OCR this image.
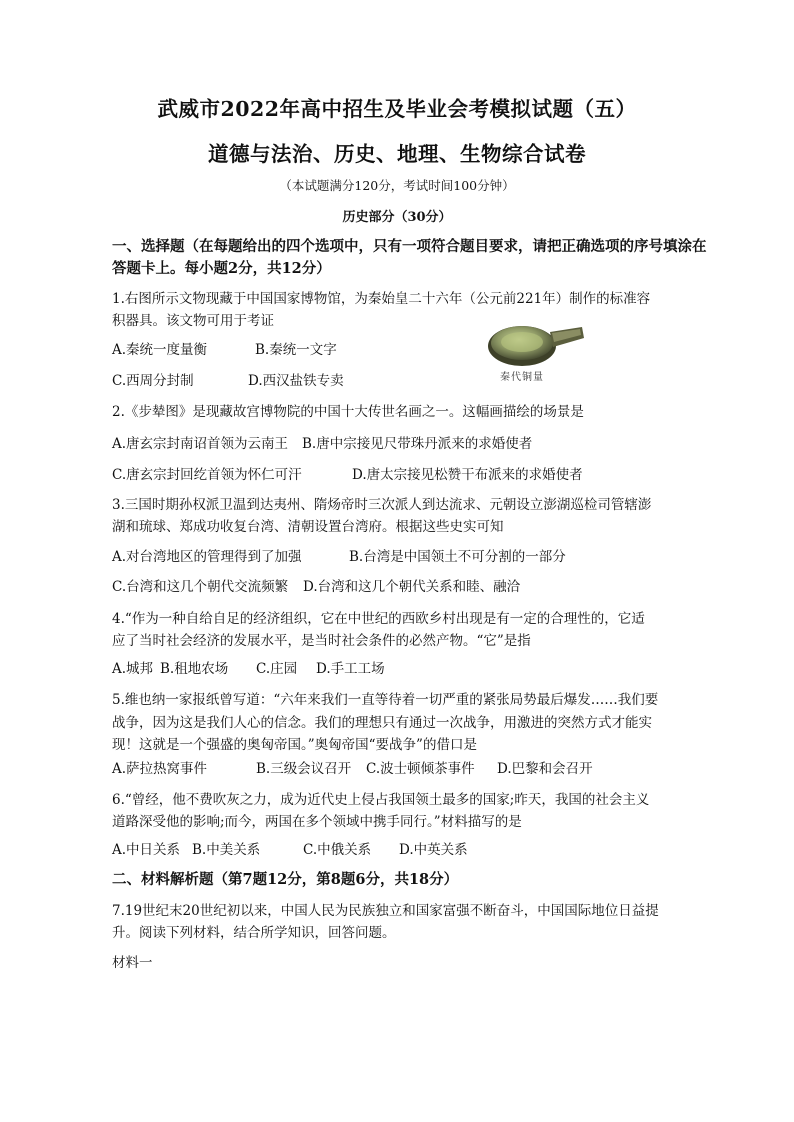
武威市2022年高中招生及毕业会考模拟试题（五）
道德与法治、历史、地理、生物综合试卷
（本试题满分120分，考试时间100分钟）
历史部分（30分）
一、选择题（在每题给出的四个选项中，只有一项符合题目要求，请把正确选项的序号填涂在
答题卡上。每小题2分，共12分）
1.右图所示文物现藏于中国国家博物馆，为秦始皇二十六年（公元前221年）制作的标准容
积器具。该文物可用于考证
A.秦统一度量衡	B.秦统一文字
C.西周分封制	D.西汉盐铁专卖	秦代铜量
2.《步辇图》是现藏故宫博物院的中国十大传世名画之一。这幅画描绘的场景是
A.唐玄宗封南诏首领为云南王 B.唐中宗接见尺带珠丹派来的求婚使者
C.唐玄宗封回纥首领为怀仁可汗	D.唐太宗接见松赞干布派来的求婚使者
3.三国时期孙权派卫温到达夷州、隋炀帝时三次派人到达流求、元朝设立澎湖巡检司管辖澎
湖和琉球、郑成功收复台湾、清朝设置台湾府。根据这些史实可知
A.对台湾地区的管理得到了加强	B.台湾是中国领土不可分割的一部分
C.台湾和这几个朝代交流频繁 D.台湾和这几个朝代关系和睦、融洽
4.“作为一种自给自足的经济组织，它在中世纪的西欧乡村出现是有一定的合理性的，它适
应了当时社会经济的发展水平，是当时社会条件的必然产物。“它”是指
A.城邦 B.租地农场 C.庄园 D.手工工场
5.维也纳一家报纸曾写道：“六年来我们一直等待着一切严重的紧张局势最后爆发……我们要
战争，因为这是我们人心的信念。我们的理想只有通过一次战争，用激进的突然方式才能实
现！这就是一个强盛的奥匈帝国。”奥匈帝国“要战争”的借口是
A.萨拉热窝事件	B.三级会议召开 C.波士顿倾茶事件 D.巴黎和会召开
6.“曾经，他不费吹灰之力，成为近代史上侵占我国领土最多的国家;昨天，我国的社会主义
道路深受他的影响;而今，两国在多个领域中携手同行。”材料描写的是
A.中日关系 B.中美关系	C.中俄关系 D.中英关系
二、材料解析题（第7题12分，第8题6分，共18分）
7.19世纪末20世纪初以来，中国人民为民族独立和国家富强不断奋斗，中国国际地位日益提
升。阅读下列材料，结合所学知识，回答问题。
材料一
